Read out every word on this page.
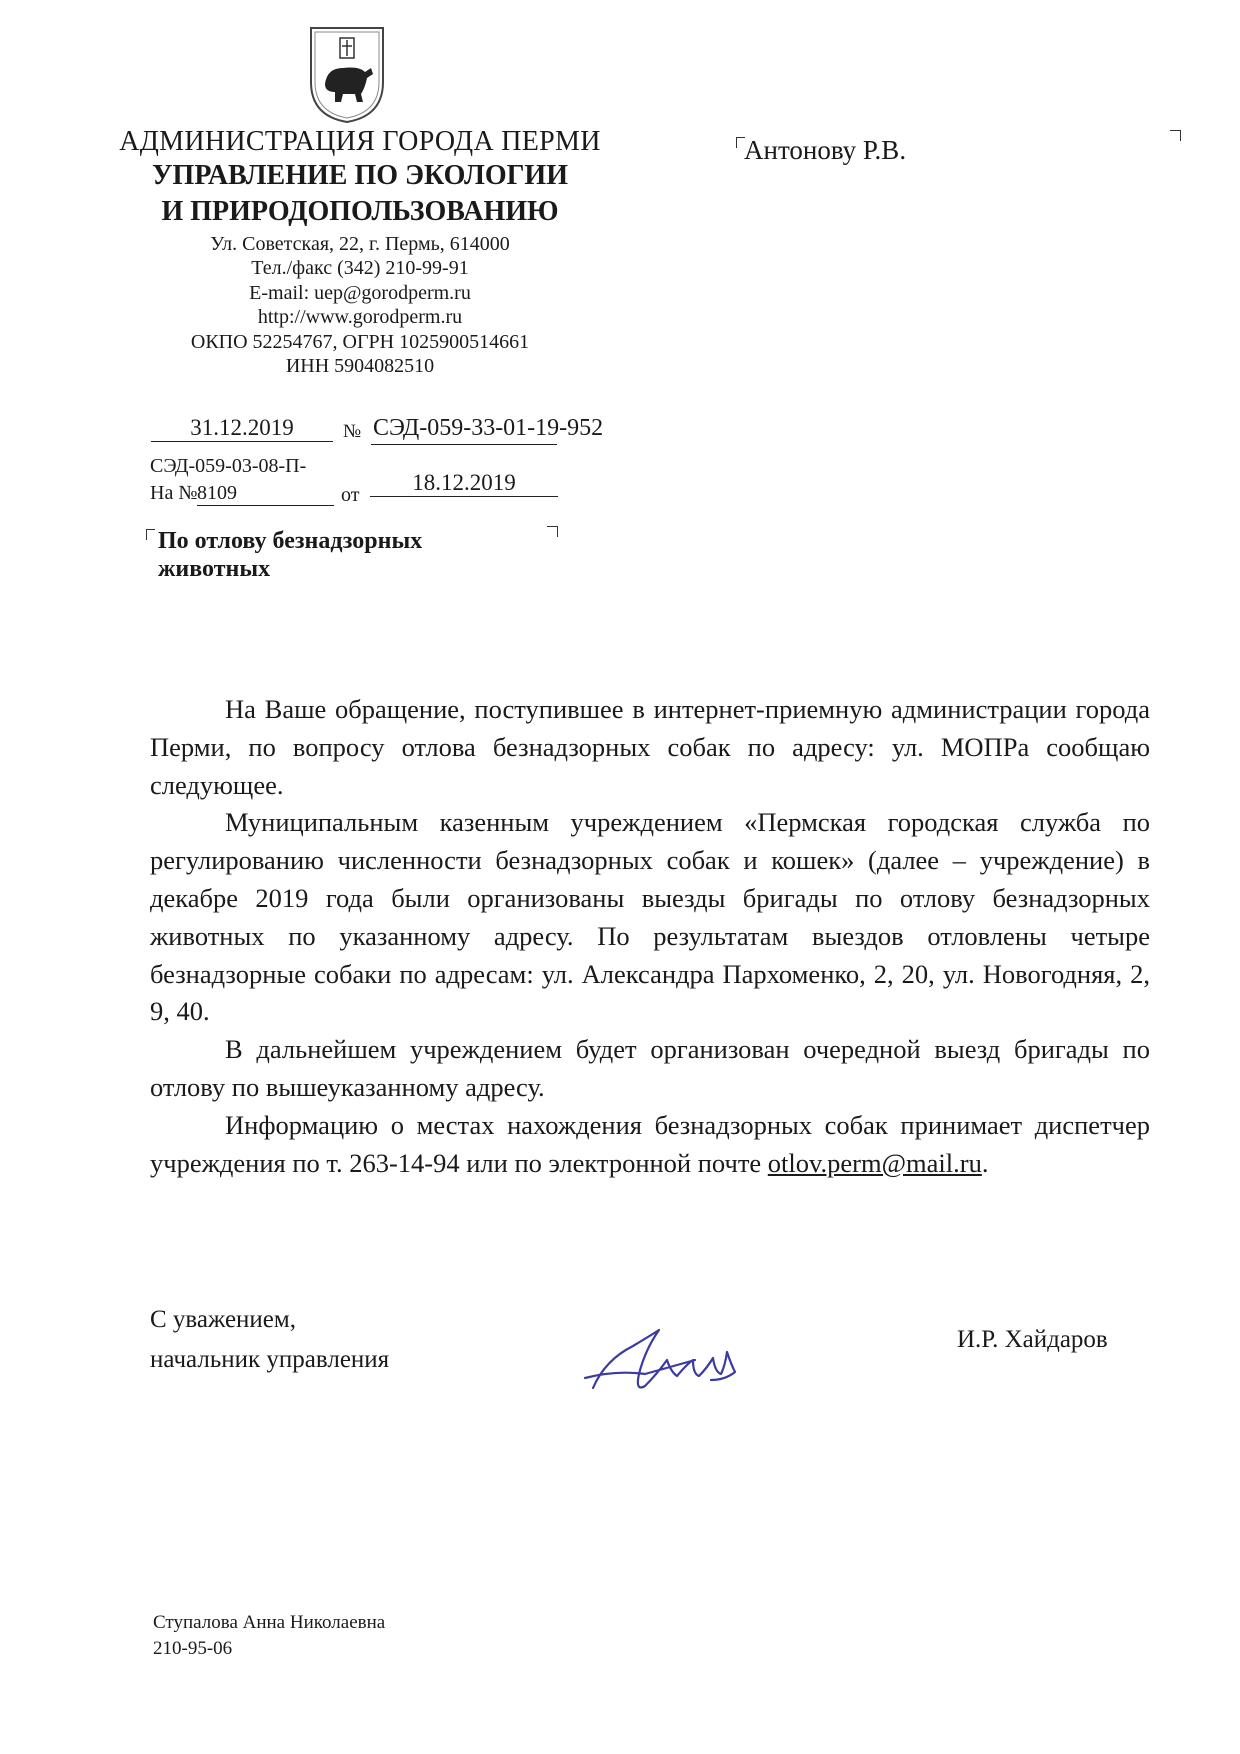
АДМИНИСТРАЦИЯ ГОРОДА ПЕРМИ
УПРАВЛЕНИЕ ПО ЭКОЛОГИИ
И ПРИРОДОПОЛЬЗОВАНИЮ
Ул. Советская, 22, г. Пермь, 614000
Тел./факс (342) 210-99-91
E-mail: uep@gorodperm.ru
http://www.gorodperm.ru
ОКПО 52254767, ОГРН 1025900514661
ИНН 5904082510
Антонову Р.В.
31.12.2019	№ СЭД-059-33-01-19-952
СЭД-059-03-08-П-
На № 8109	от	18.12.2019
По отлову безнадзорных
животных

На Ваше обращение, поступившее в интернет-приемную администрации города Перми, по вопросу отлова безнадзорных собак по адресу: ул. МОПРа сообщаю следующее.

Муниципальным казенным учреждением «Пермская городская служба по регулированию численности безнадзорных собак и кошек» (далее – учреждение) в декабре 2019 года были организованы выезды бригады по отлову безнадзорных животных по указанному адресу. По результатам выездов отловлены четыре безнадзорные собаки по адресам: ул. Александра Пархоменко, 2, 20, ул. Новогодняя, 2, 9, 40.

В дальнейшем учреждением будет организован очередной выезд бригады по отлову по вышеуказанному адресу.

Информацию о местах нахождения безнадзорных собак принимает диспетчер учреждения по т. 263-14-94 или по электронной почте otlov.perm@mail.ru.

С уважением,
начальник управления
И.Р. Хайдаров
Ступалова Анна Николаевна
210-95-06
